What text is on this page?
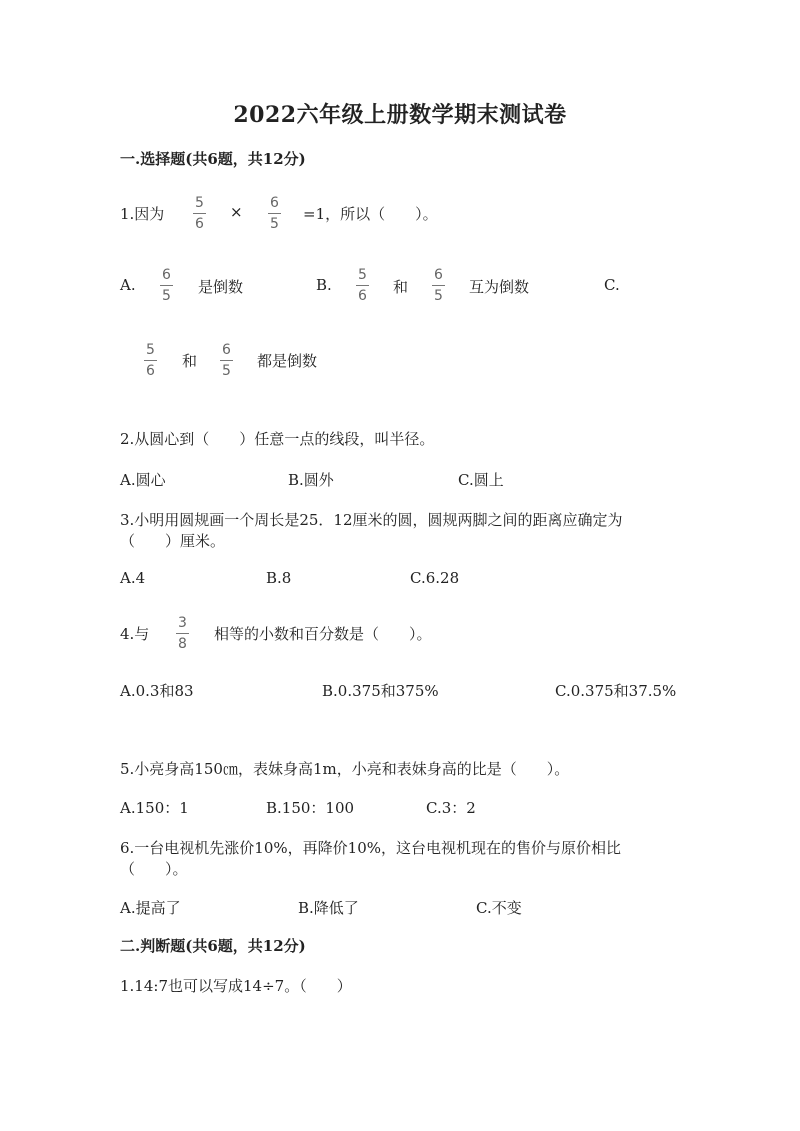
2022六年级上册数学期末测试卷
一.选择题(共6题，共12分)
1.因为
5
6
× 6
5
=1，所以（　　）。
A.
6
5 是倒数	B.
5
6 和
6
5 互为倒数	C.
5
6
和
6
5
都是倒数
2.从圆心到（　　）任意一点的线段，叫半径。
A.圆心	B.圆外	C.圆上
3.小明用圆规画一个周长是25．12厘米的圆，圆规两脚之间的距离应确定为
（　　）厘米。
A.4	B.8	C.6.28
4.与
3
8
相等的小数和百分数是（　　）。
A.0.3和83	B.0.375和375%	C.0.375和37.5%
5.小亮身高150㎝，表妹身高1m，小亮和表妹身高的比是（　　）。
A.150：1	B.150：100	C.3：2
6.一台电视机先涨价10%，再降价10%，这台电视机现在的售价与原价相比
（　　）。
A.提高了	B.降低了	C.不变
二.判断题(共6题，共12分)
1.14:7也可以写成14÷7。（　　）
